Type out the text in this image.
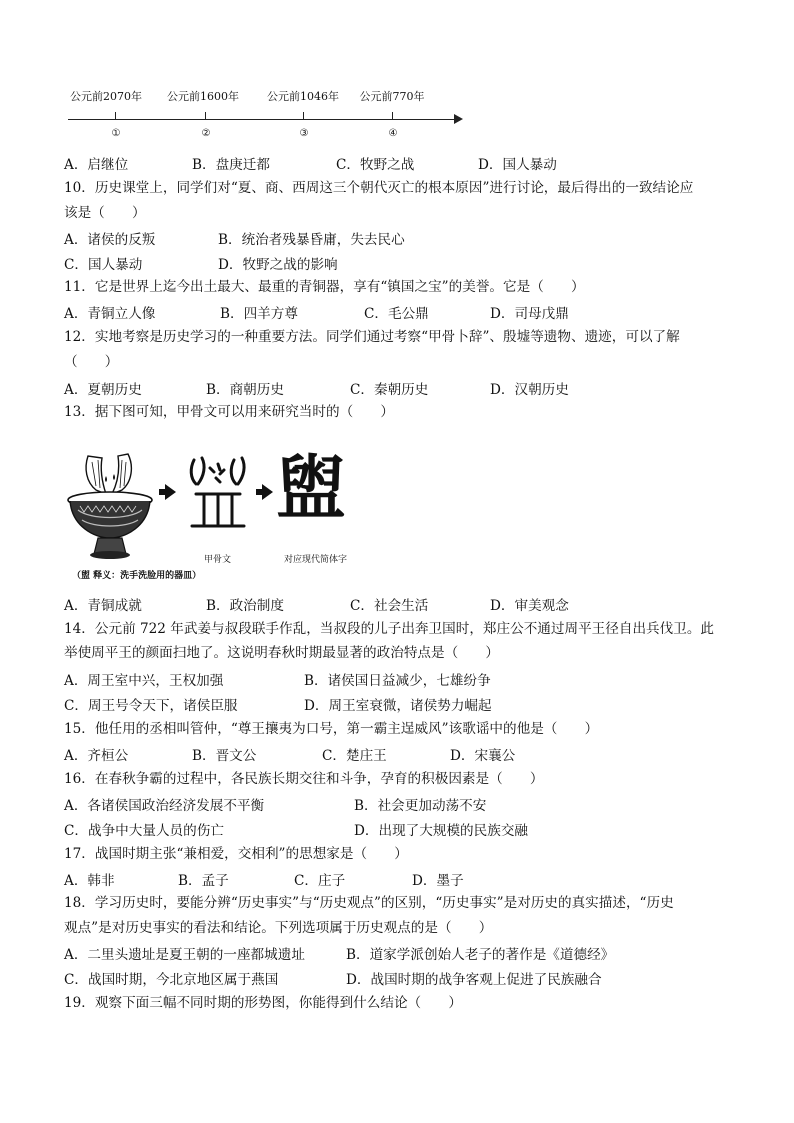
公元前2070年 公元前1600年	公元前1046年 公元前770年
①	②	③	④
A．启继位	B．盘庚迁都	C．牧野之战	D．国人暴动
10．历史课堂上，同学们对“夏、商、西周这三个朝代灭亡的根本原因”进行讨论，最后得出的一致结论应
该是（　　）
A．诸侯的反叛	B．统治者残暴昏庸，失去民心
C．国人暴动	D．牧野之战的影响
11．它是世界上迄今出土最大、最重的青铜器，享有“镇国之宝”的美誉。它是（　　）
A．青铜立人像	B．四羊方尊	C．毛公鼎	D．司母戊鼎
12．实地考察是历史学习的一种重要方法。同学们通过考察“甲骨卜辞”、殷墟等遗物、遗迹，可以了解
（　　）
A．夏朝历史	B．商朝历史	C．秦朝历史	D．汉朝历史
13．据下图可知，甲骨文可以用来研究当时的（　　）
盥
甲骨文	对应现代简体字
（盥 释义：洗手洗脸用的器皿）
A．青铜成就	B．政治制度	C．社会生活	D．审美观念
14．公元前 722 年武姜与叔段联手作乱，当叔段的儿子出奔卫国时，郑庄公不通过周平王径自出兵伐卫。此
举使周平王的颜面扫地了。这说明春秋时期最显著的政治特点是（　　）
A．周王室中兴，王权加强	B．诸侯国日益减少，七雄纷争
C．周王号令天下，诸侯臣服	D．周王室衰微，诸侯势力崛起
15．他任用的丞相叫管仲，“尊王攘夷为口号，第一霸主逞威风”该歌谣中的他是（　　）
A．齐桓公	B．晋文公	C．楚庄王	D．宋襄公
16．在春秋争霸的过程中，各民族长期交往和斗争，孕育的积极因素是（　　）
A．各诸侯国政治经济发展不平衡	B．社会更加动荡不安
C．战争中大量人员的伤亡	D．出现了大规模的民族交融
17．战国时期主张“兼相爱，交相利”的思想家是（　　）
A．韩非	B．孟子	C．庄子	D．墨子
18．学习历史时，要能分辨“历史事实”与“历史观点”的区别，“历史事实”是对历史的真实描述，“历史
观点”是对历史事实的看法和结论。下列选项属于历史观点的是（　　）
A．二里头遗址是夏王朝的一座都城遗址	B．道家学派创始人老子的著作是《道德经》
C．战国时期，今北京地区属于燕国	D．战国时期的战争客观上促进了民族融合
19．观察下面三幅不同时期的形势图，你能得到什么结论（　　）
